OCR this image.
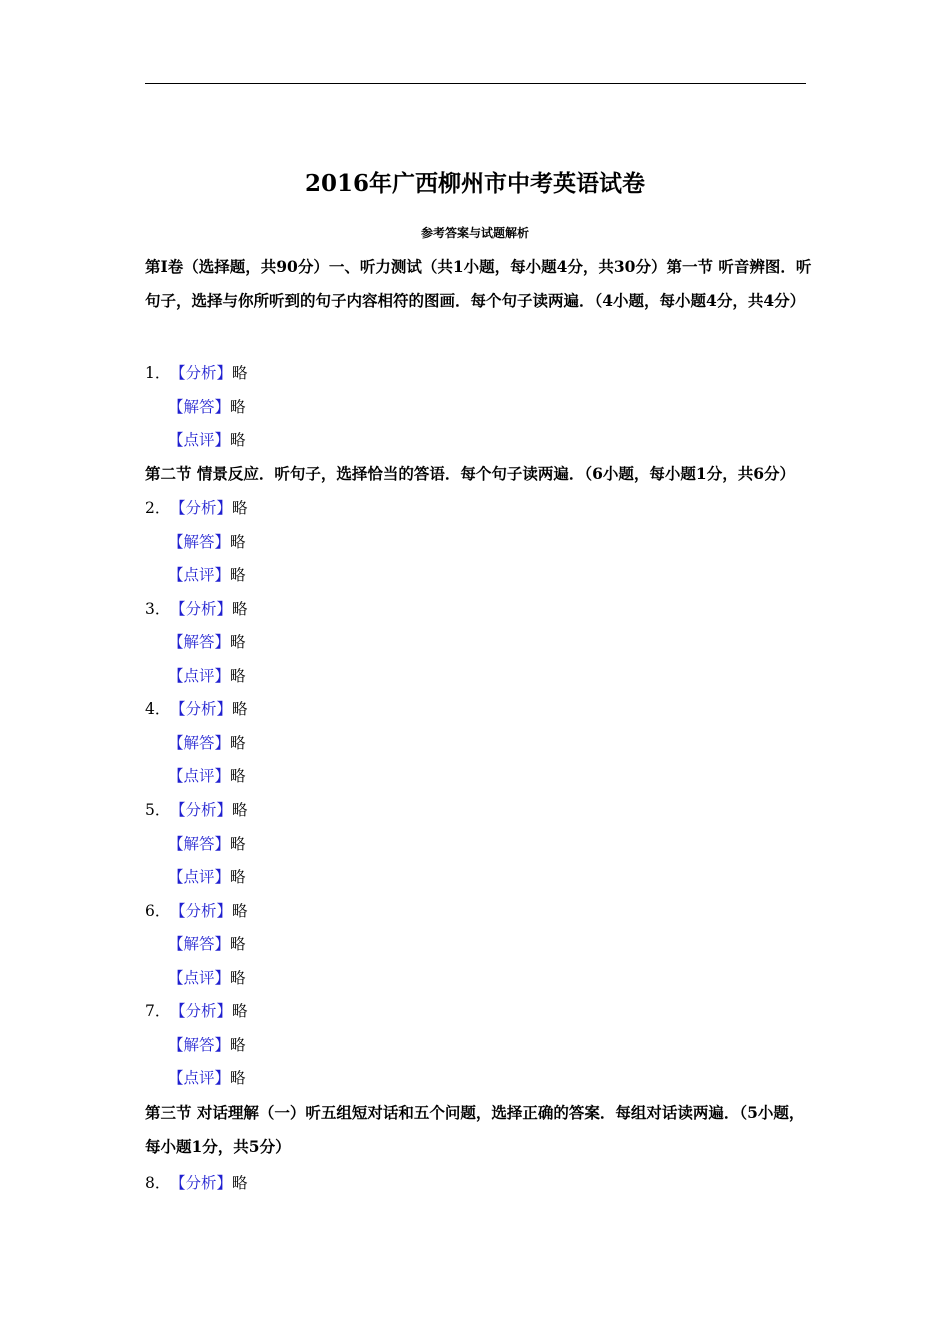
2016年广西柳州市中考英语试卷
参考答案与试题解析
第Ⅰ卷（选择题，共90分）一、听力测试（共1小题，每小题4分，共30分）第一节 听音辨图．听句子，选择与你所听到的句子内容相符的图画．每个句子读两遍．（4小题，每小题4分，共4分）
1．【分析】略
【解答】略
【点评】略
第二节 情景反应．听句子，选择恰当的答语．每个句子读两遍．（6小题，每小题1分，共6分）
2．【分析】略
【解答】略
【点评】略
3．【分析】略
【解答】略
【点评】略
4．【分析】略
【解答】略
【点评】略
5．【分析】略
【解答】略
【点评】略
6．【分析】略
【解答】略
【点评】略
7．【分析】略
【解答】略
【点评】略
第三节 对话理解（一）听五组短对话和五个问题，选择正确的答案．每组对话读两遍．（5小题，每小题1分，共5分）
8．【分析】略
